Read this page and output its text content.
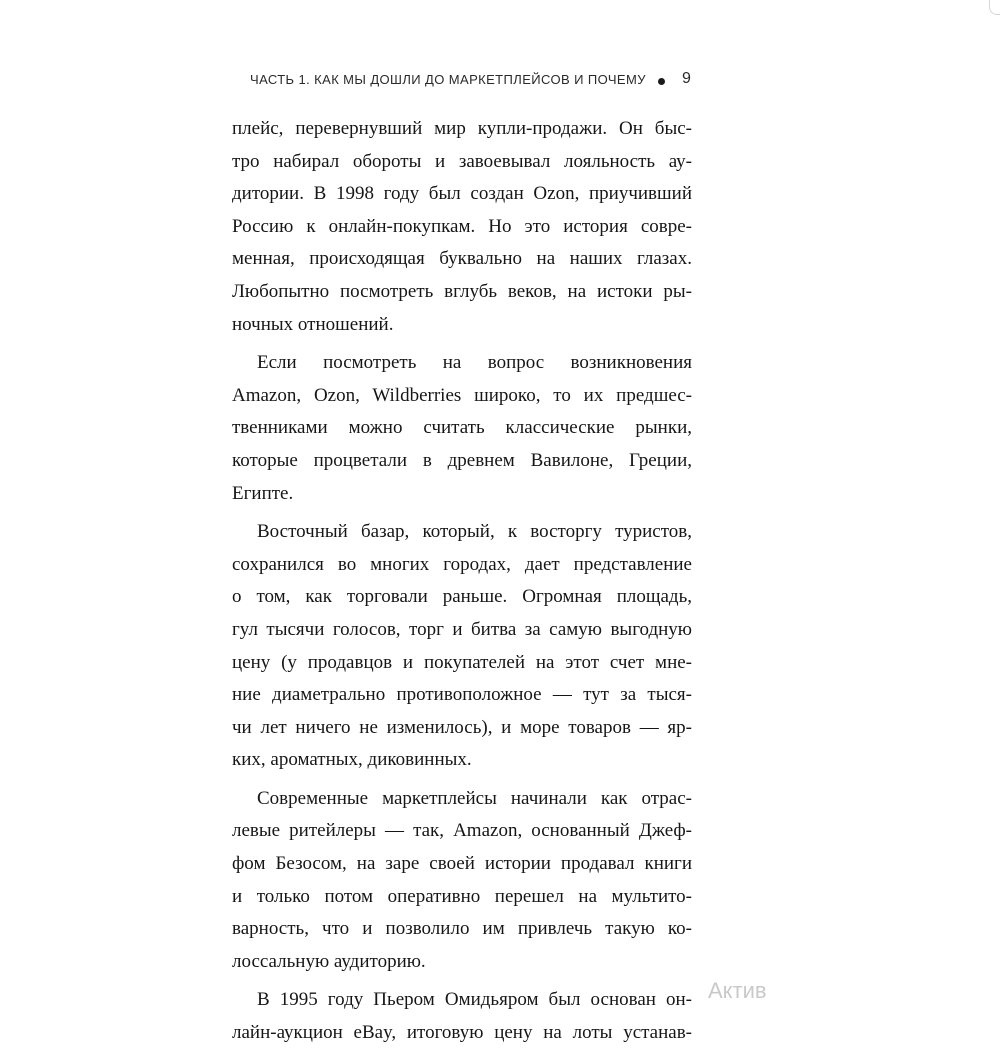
ЧАСТЬ 1. КАК МЫ ДОШЛИ ДО МАРКЕТПЛЕЙСОВ И ПОЧЕМУ 9
плейс, перевернувший мир купли-продажи. Он быс-
тро набирал обороты и завоевывал лояльность ау-
дитории. В 1998 году был создан Ozon, приучивший
Россию к онлайн-покупкам. Но это история совре-
менная, происходящая буквально на наших глазах.
Любопытно посмотреть вглубь веков, на истоки ры-
ночных отношений.
Если посмотреть на вопрос возникновения
Amazon, Ozon, Wildberries широко, то их предшес-
твенниками можно считать классические рынки,
которые процветали в древнем Вавилоне, Греции,
Египте.
Восточный базар, который, к восторгу туристов,
сохранился во многих городах, дает представление
о том, как торговали раньше. Огромная площадь,
гул тысячи голосов, торг и битва за самую выгодную
цену (у продавцов и покупателей на этот счет мне-
ние диаметрально противоположное — тут за тыся-
чи лет ничего не изменилось), и море товаров — яр-
ких, ароматных, диковинных.
Современные маркетплейсы начинали как отрас-
левые ритейлеры — так, Amazon, основанный Джеф-
фом Безосом, на заре своей истории продавал книги
и только потом оперативно перешел на мультито-
варность, что и позволило им привлечь такую ко-
лоссальную аудиторию.
В 1995 году Пьером Омидьяром был основан он-
лайн-аукцион eBay, итоговую цену на лоты устанав-
Актив
